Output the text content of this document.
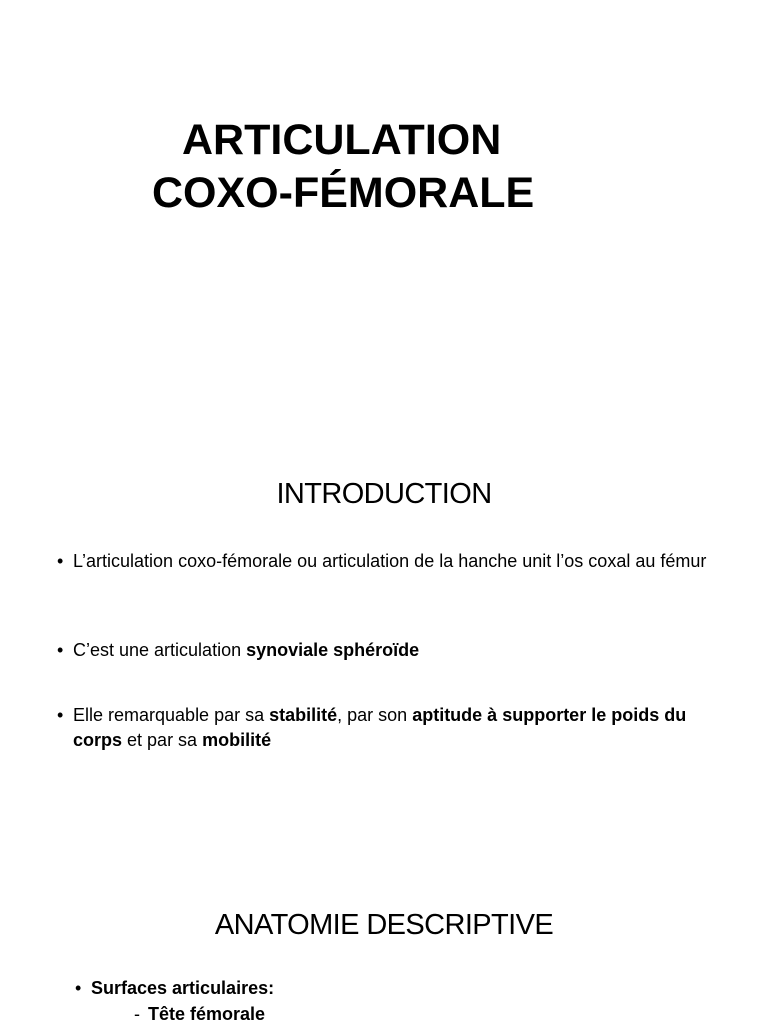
ARTICULATION
COXO-FÉMORALE
INTRODUCTION
• L’articulation coxo-fémorale ou articulation de la hanche unit l’os coxal au fémur
• C’est une articulation synoviale sphéroïde
• Elle remarquable par sa stabilité, par son aptitude à supporter le poids du corps et par sa mobilité
ANATOMIE DESCRIPTIVE
• Surfaces articulaires:
- Tête fémorale
